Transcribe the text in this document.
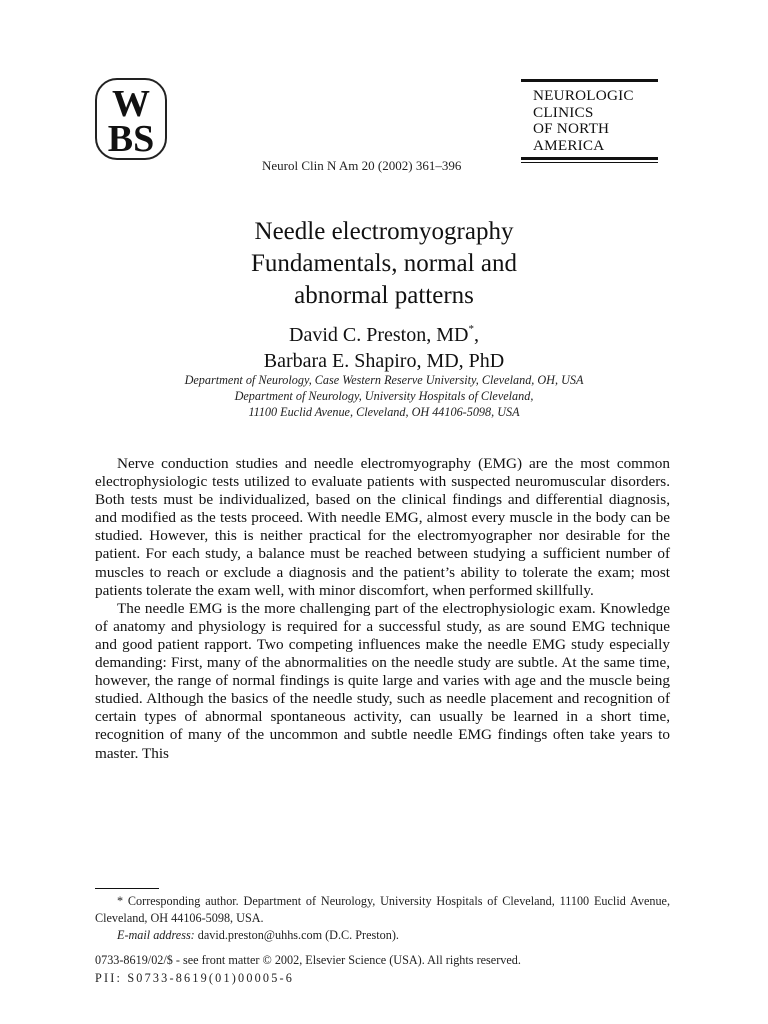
W
BS
Neurol Clin N Am 20 (2002) 361–396
NEUROLOGIC
CLINICS
OF NORTH
AMERICA
Needle electromyography
Fundamentals, normal and
abnormal patterns
David C. Preston, MD*,
Barbara E. Shapiro, MD, PhD
Department of Neurology, Case Western Reserve University, Cleveland, OH, USA
Department of Neurology, University Hospitals of Cleveland,
11100 Euclid Avenue, Cleveland, OH 44106-5098, USA

Nerve conduction studies and needle electromyography (EMG) are the most common electrophysiologic tests utilized to evaluate patients with suspected neuromuscular disorders. Both tests must be individualized, based on the clinical findings and differential diagnosis, and modified as the tests proceed. With needle EMG, almost every muscle in the body can be studied. However, this is neither practical for the electromyographer nor desirable for the patient. For each study, a balance must be reached between studying a sufficient number of muscles to reach or exclude a diagnosis and the patient’s ability to tolerate the exam; most patients tolerate the exam well, with minor discomfort, when performed skillfully.

The needle EMG is the more challenging part of the electrophysiologic exam. Knowledge of anatomy and physiology is required for a successful study, as are sound EMG technique and good patient rapport. Two competing influences make the needle EMG study especially demanding: First, many of the abnormalities on the needle study are subtle. At the same time, however, the range of normal findings is quite large and varies with age and the muscle being studied. Although the basics of the needle study, such as needle placement and recognition of certain types of abnormal spontaneous activity, can usually be learned in a short time, recognition of many of the uncommon and subtle needle EMG findings often take years to master. This

* Corresponding author. Department of Neurology, University Hospitals of Cleveland, 11100 Euclid Avenue, Cleveland, OH 44106-5098, USA.

E-mail address: david.preston@uhhs.com (D.C. Preston).

0733-8619/02/$ - see front matter © 2002, Elsevier Science (USA). All rights reserved.
PII: S0733-8619(01)00005-6
